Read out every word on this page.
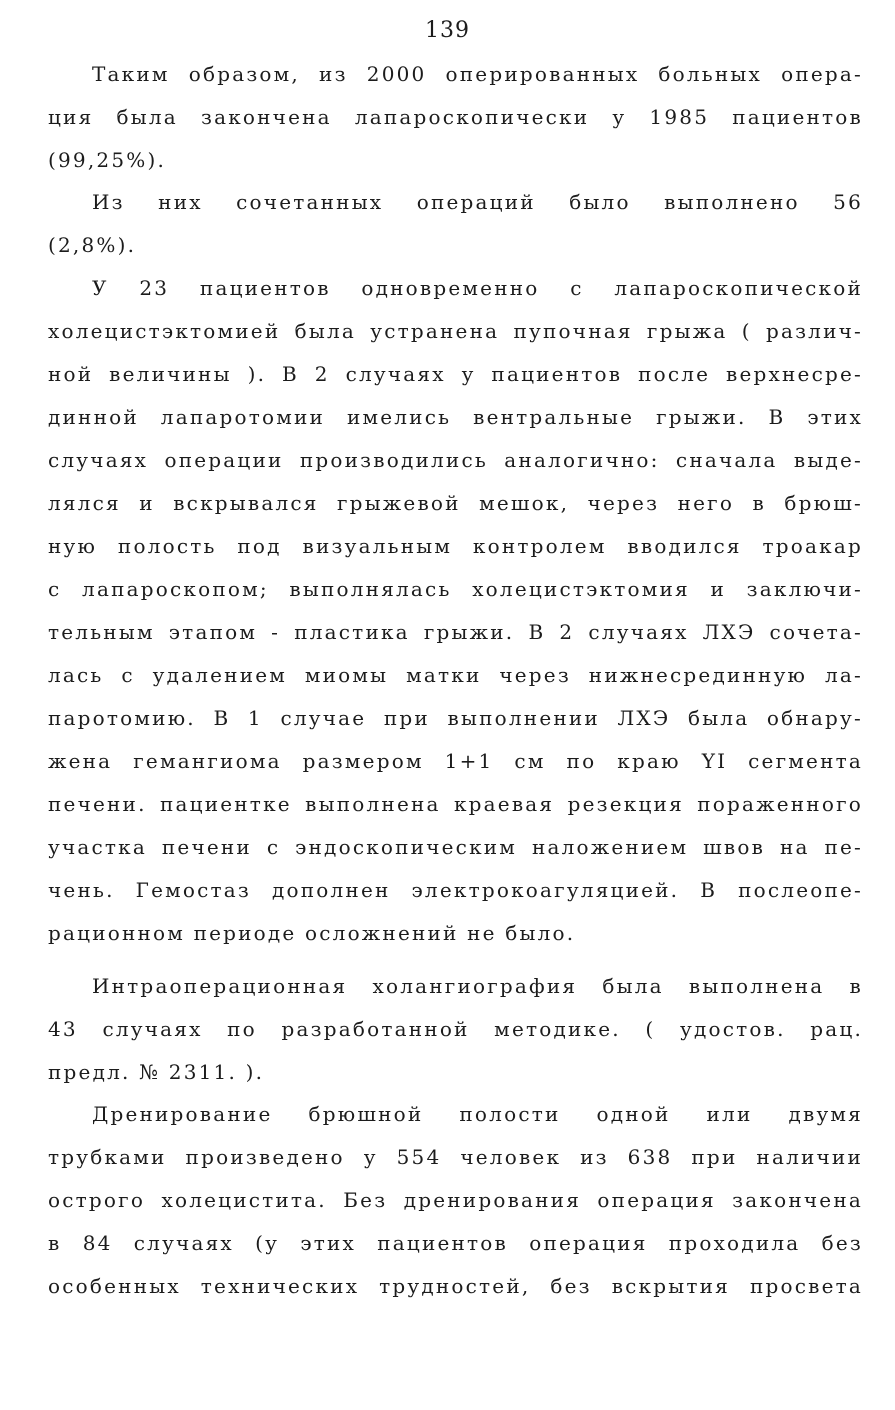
139
Таким образом, из 2000 оперированных больных опера-
ция была закончена лапароскопически у 1985 пациентов
(99,25%).
Из них сочетанных операций было выполнено 56
(2,8%).
У 23 пациентов одновременно с лапароскопической
холецистэктомией была устранена пупочная грыжа ( различ-
ной величины ). В 2 случаях у пациентов после верхнесре-
динной лапаротомии имелись вентральные грыжи. В этих
случаях операции производились аналогично: сначала выде-
лялся и вскрывался грыжевой мешок, через него в брюш-
ную полость под визуальным контролем вводился троакар
с лапароскопом; выполнялась холецистэктомия и заключи-
тельным этапом - пластика грыжи. В 2 случаях ЛХЭ сочета-
лась с удалением миомы матки через нижнесрединную ла-
паротомию. В 1 случае при выполнении ЛХЭ была обнару-
жена гемангиома размером 1+1 см по краю YI сегмента
печени. пациентке выполнена краевая резекция пораженного
участка печени с эндоскопическим наложением швов на пе-
чень. Гемостаз дополнен электрокоагуляцией. В послеопе-
рационном периоде осложнений не было.
Интраоперационная холангиография была выполнена в
43 случаях по разработанной методике. ( удостов. рац.
предл. № 2311. ).
Дренирование брюшной полости одной или двумя
трубками произведено у 554 человек из 638 при наличии
острого холецистита. Без дренирования операция закончена
в 84 случаях (у этих пациентов операция проходила без
особенных технических трудностей, без вскрытия просвета
